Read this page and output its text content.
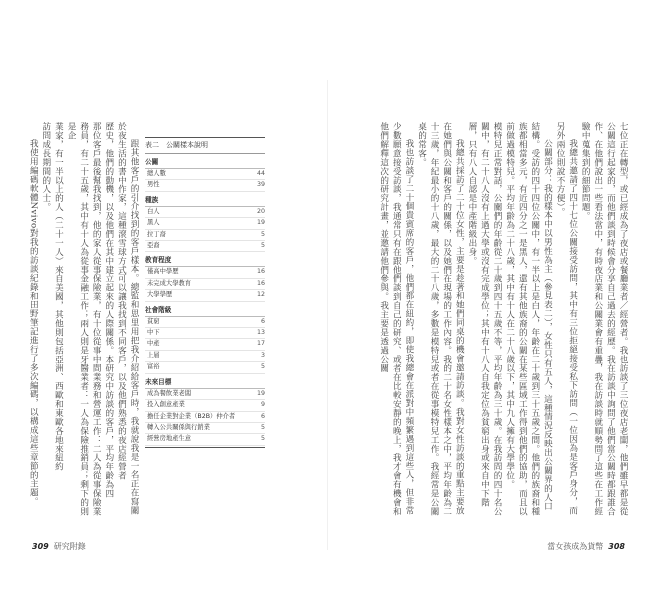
跟其他客戶的引介找到的客戶樣本。總監和思里用把我介紹給客戶時，我就說我是一名正在寫關

於夜生活的書中作家，這種滾雪球方式可以讓我找到不同客戶，以及他們熟悉的夜店經營者

歷史，他們的動機，以及他們在其中建立起來的人際關係。本研究中訪談的客戶，平均年齡為四

那位客戶最後幫我找到，他的家人從事保險業，有十位從事中間業務和營運工作：二人為從事保險業務員，有二十五歲，其中有十人為從事金融工作；兩人則是牙醫業者：一人為保險推銷員；剩下的則是企

業家，有一半以上的人（二十一人）來自美國，其他則包括亞洲、西歐和東歐各地來紐約

訪問成長期間的人士。

我使用編碼軟體Nvivo對我的訪談紀錄和田野筆記進行了多次編碼，以構成這些章節的主題。	表二　公關樣本說明
公關
總人數	44
男性	39
種族
白人	20
黑人	19
拉丁裔	5
亞裔	5
教育程度
僅高中學歷	16
未完成大學教育	16
大學學歷	12
社會階級
貧窮	6
中下	13
中產	17
上層	3
富裕	5
未來目標
成為餐飲業老闆	19
投入創意產業	9
擔任企業對企業（B2B）仲介者	6
轉入公共關係與行銷業	5
經營房地產生意	5
309 研究附錄	當女孩成為貨幣 308

七位正在轉型，或已經成為了夜店或餐廳業者／經營者。我也訪談了三位夜店老闆，他們雖早都是從公關這行起家的，而他們談到時候會分享自己過去的經歷。我在訪談中詢問了他們當公關時都跟誰合作、在他們說出一些看法當中，有時夜店業和公關業會有重疊，我在訪談時就順勢問了這些在工作經驗中蒐集到的細節問題。

我總共邀請了四十七位公關接受訪問，其中有三位拒絕接受私下訪問（一位因為是客戶身分，而另外兩位則說不方便）。

公關部分：我的樣本中以男性為主（參見表二），女性只有五人，這種情況反映出公關界的人口結構。受訪的四十四位公關中，有一半以上是白人，年齡在二十歲到三十五歲之間。他們的族裔和種族都相當多元，有近四分之一是黑人，還有其他族裔的公關在某些區域工作得到他們的協助，而且以前做過模特兒。平均年齡為二十八歲，其中有十人在二十八歲以下，其中九人擁有大學學位。

模特兒正常對話，公關們的年齡從二十歲到四十五歲不等，平均年齡為三十歲。在我訪問的四十名公關中，有二十八人沒有上過大學或沒有完成學位；其中有十八人自我定位為貧窮出身或來自中下階層，只有八人自認是中產階級出身。

我總共採訪了二十位女性，主要是趁著和她們同桌的機會邀請訪談。我對女性訪談的重點主要放在她們與公關和客戶的關係，以及她們在現場的工作內容。我的二十名女性樣本之中，平均年齡為二十三歲，年紀最小的十八歲，最大的二十八歲，多數是模特兒或者在從事模特兒工作。我經常是公關桌的常客。

我也訪談了二十個貴賓席的客戶，他們都在紐約，即使我總會在派對中頻繁遇到這些人，但非常少數願意接受訪談，我通常只有在跟他們談到自己的研究、或者在比較安靜的晚上，我才會有機會和他們解釋這次的研究計畫，並邀請他們參與。我主要是透過公關
